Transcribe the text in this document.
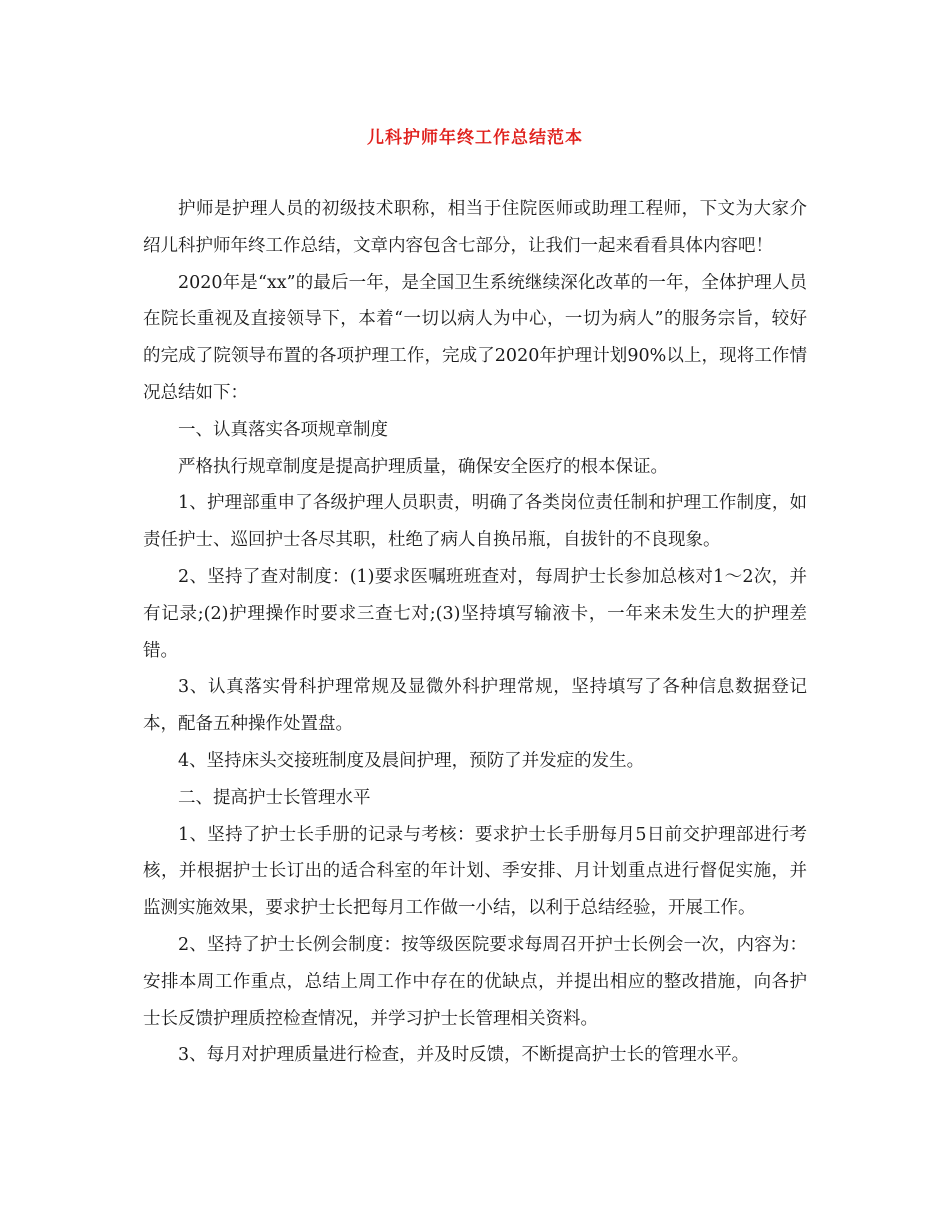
儿科护师年终工作总结范本

护师是护理人员的初级技术职称，相当于住院医师或助理工程师，下文为大家介绍儿科护师年终工作总结，文章内容包含七部分，让我们一起来看看具体内容吧！

2020年是“xx”的最后一年，是全国卫生系统继续深化改革的一年，全体护理人员在院长重视及直接领导下，本着“一切以病人为中心，一切为病人”的服务宗旨，较好的完成了院领导布置的各项护理工作，完成了2020年护理计划90%以上，现将工作情况总结如下：

一、认真落实各项规章制度

严格执行规章制度是提高护理质量，确保安全医疗的根本保证。

1、护理部重申了各级护理人员职责，明确了各类岗位责任制和护理工作制度，如责任护士、巡回护士各尽其职，杜绝了病人自换吊瓶，自拔针的不良现象。

2、坚持了查对制度：(1)要求医嘱班班查对，每周护士长参加总核对1～2次，并有记录;(2)护理操作时要求三查七对;(3)坚持填写输液卡，一年来未发生大的护理差错。

3、认真落实骨科护理常规及显微外科护理常规，坚持填写了各种信息数据登记本，配备五种操作处置盘。

4、坚持床头交接班制度及晨间护理，预防了并发症的发生。

二、提高护士长管理水平

1、坚持了护士长手册的记录与考核：要求护士长手册每月5日前交护理部进行考核，并根据护士长订出的适合科室的年计划、季安排、月计划重点进行督促实施，并监测实施效果，要求护士长把每月工作做一小结，以利于总结经验，开展工作。

2、坚持了护士长例会制度：按等级医院要求每周召开护士长例会一次，内容为：安排本周工作重点，总结上周工作中存在的优缺点，并提出相应的整改措施，向各护士长反馈护理质控检查情况，并学习护士长管理相关资料。

3、每月对护理质量进行检查，并及时反馈，不断提高护士长的管理水平。
